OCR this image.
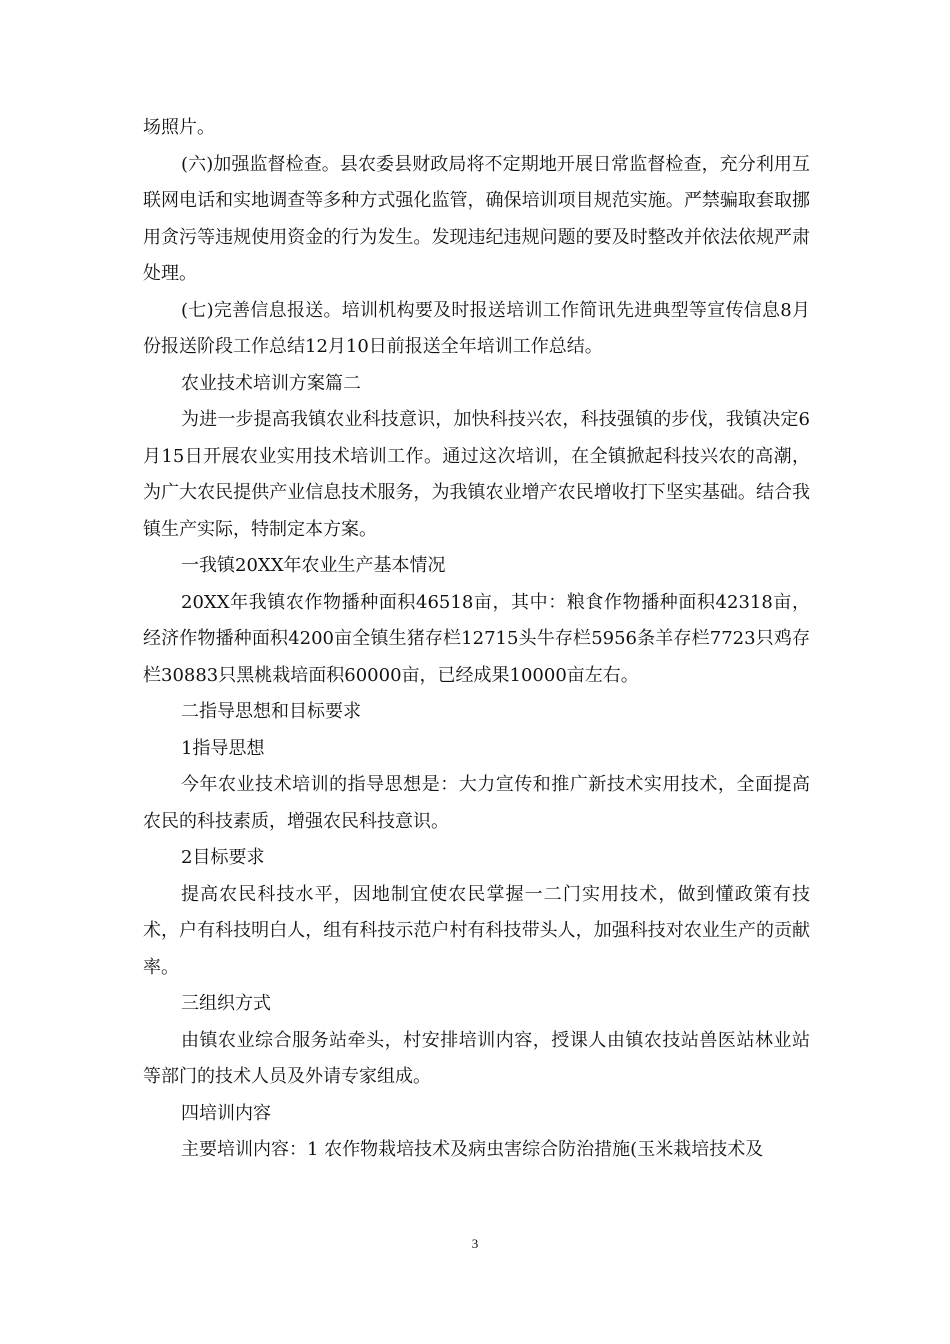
场照片。

(六)加强监督检查。县农委县财政局将不定期地开展日常监督检查，充分利用互联网电话和实地调查等多种方式强化监管，确保培训项目规范实施。严禁骗取套取挪用贪污等违规使用资金的行为发生。发现违纪违规问题的要及时整改并依法依规严肃处理。

(七)完善信息报送。培训机构要及时报送培训工作简讯先进典型等宣传信息8月份报送阶段工作总结12月10日前报送全年培训工作总结。

农业技术培训方案篇二

为进一步提高我镇农业科技意识，加快科技兴农，科技强镇的步伐，我镇决定6月15日开展农业实用技术培训工作。通过这次培训，在全镇掀起科技兴农的高潮，为广大农民提供产业信息技术服务，为我镇农业增产农民增收打下坚实基础。结合我镇生产实际，特制定本方案。

一我镇20XX年农业生产基本情况

20XX年我镇农作物播种面积46518亩，其中：粮食作物播种面积42318亩，经济作物播种面积4200亩全镇生猪存栏12715头牛存栏5956条羊存栏7723只鸡存栏30883只黑桃栽培面积60000亩，已经成果10000亩左右。

二指导思想和目标要求

1指导思想

今年农业技术培训的指导思想是：大力宣传和推广新技术实用技术，全面提高农民的科技素质，增强农民科技意识。

2目标要求

提高农民科技水平，因地制宜使农民掌握一二门实用技术，做到懂政策有技术，户有科技明白人，组有科技示范户村有科技带头人，加强科技对农业生产的贡献率。

三组织方式

由镇农业综合服务站牵头，村安排培训内容，授课人由镇农技站兽医站林业站等部门的技术人员及外请专家组成。

四培训内容

主要培训内容：1 农作物栽培技术及病虫害综合防治措施(玉米栽培技术及

3
